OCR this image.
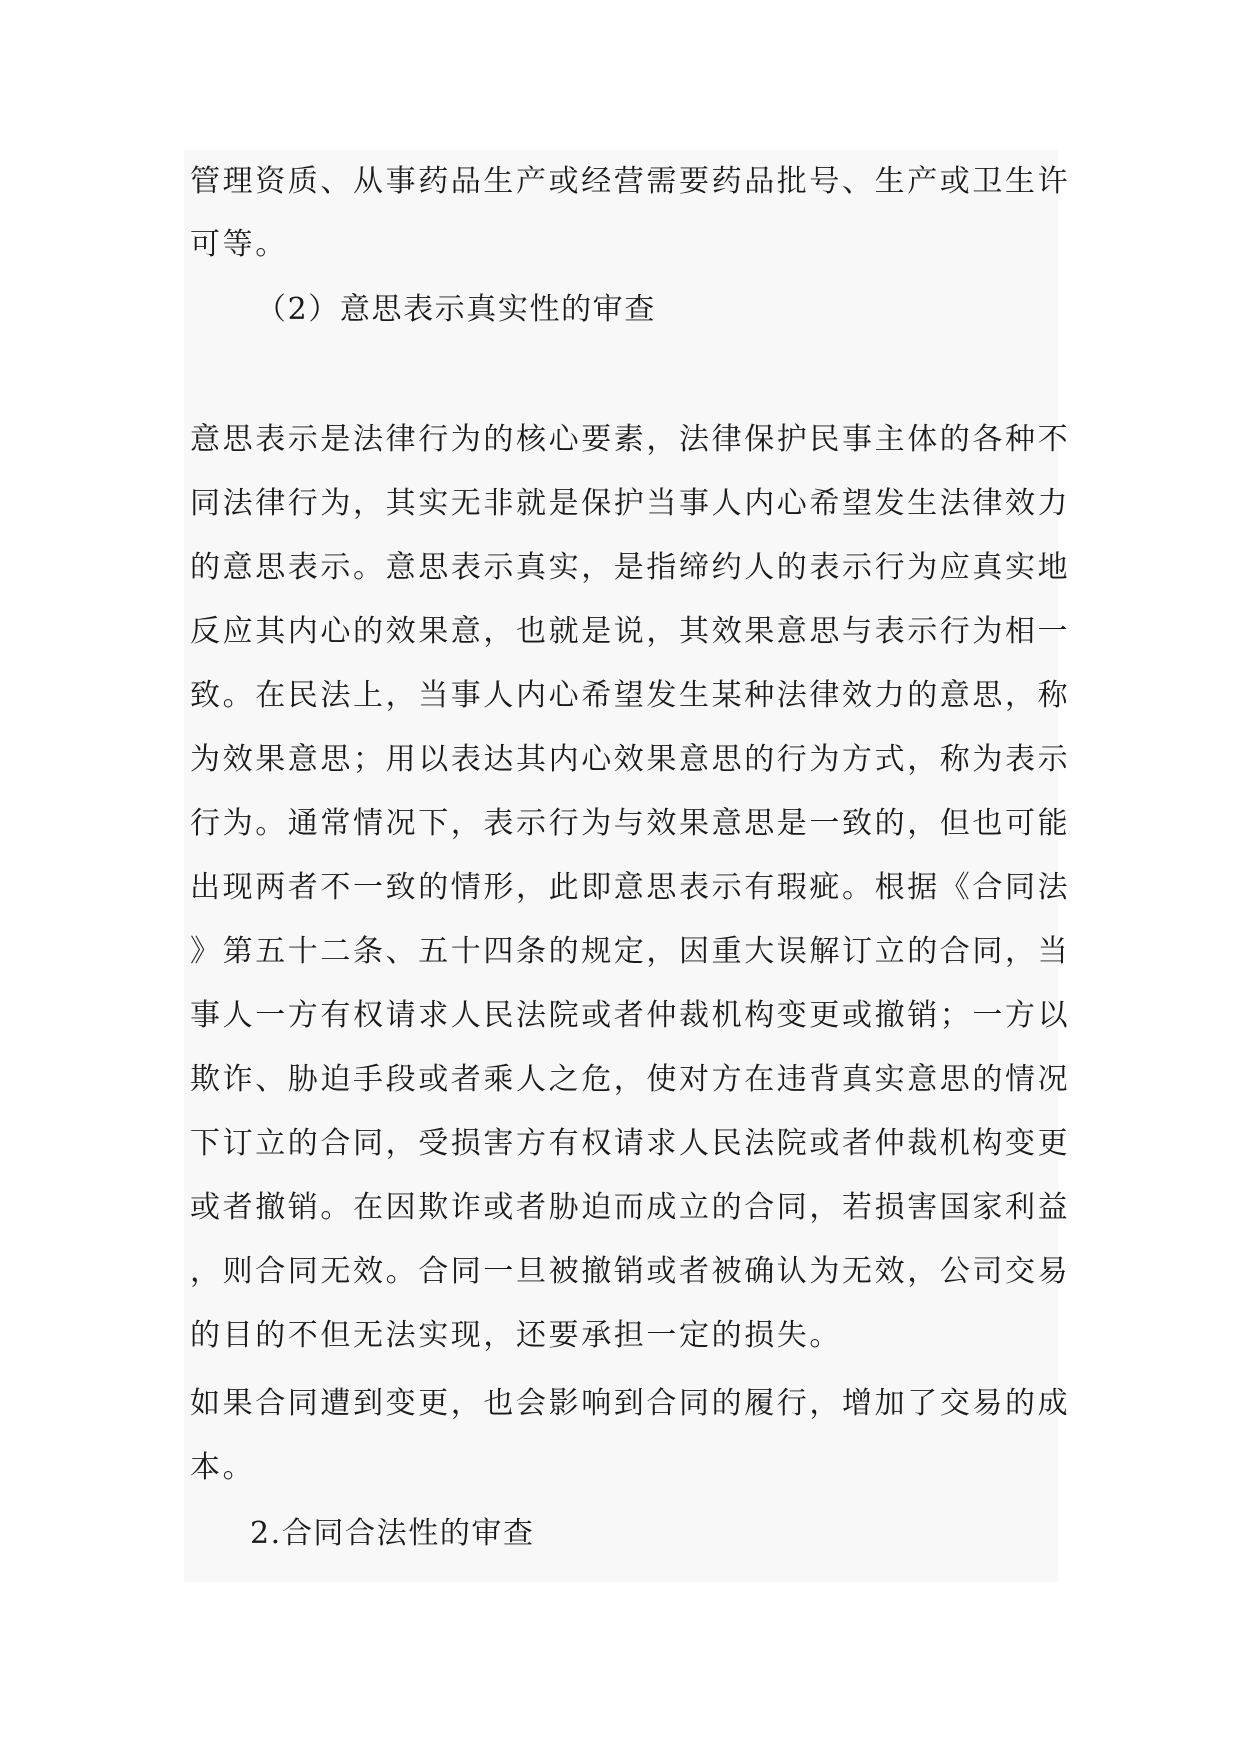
管理资质、从事药品生产或经营需要药品批号、生产或卫生许
可等。
（2）意思表示真实性的审查
意思表示是法律行为的核心要素，法律保护民事主体的各种不
同法律行为，其实无非就是保护当事人内心希望发生法律效力
的意思表示。意思表示真实，是指缔约人的表示行为应真实地
反应其内心的效果意，也就是说，其效果意思与表示行为相一
致。在民法上，当事人内心希望发生某种法律效力的意思，称
为效果意思；用以表达其内心效果意思的行为方式，称为表示
行为。通常情况下，表示行为与效果意思是一致的，但也可能
出现两者不一致的情形，此即意思表示有瑕疵。根据《合同法
》第五十二条、五十四条的规定，因重大误解订立的合同，当
事人一方有权请求人民法院或者仲裁机构变更或撤销；一方以
欺诈、胁迫手段或者乘人之危，使对方在违背真实意思的情况
下订立的合同，受损害方有权请求人民法院或者仲裁机构变更
或者撤销。在因欺诈或者胁迫而成立的合同，若损害国家利益
，则合同无效。合同一旦被撤销或者被确认为无效，公司交易
的目的不但无法实现，还要承担一定的损失。
如果合同遭到变更，也会影响到合同的履行，增加了交易的成
本。
2.合同合法性的审查
